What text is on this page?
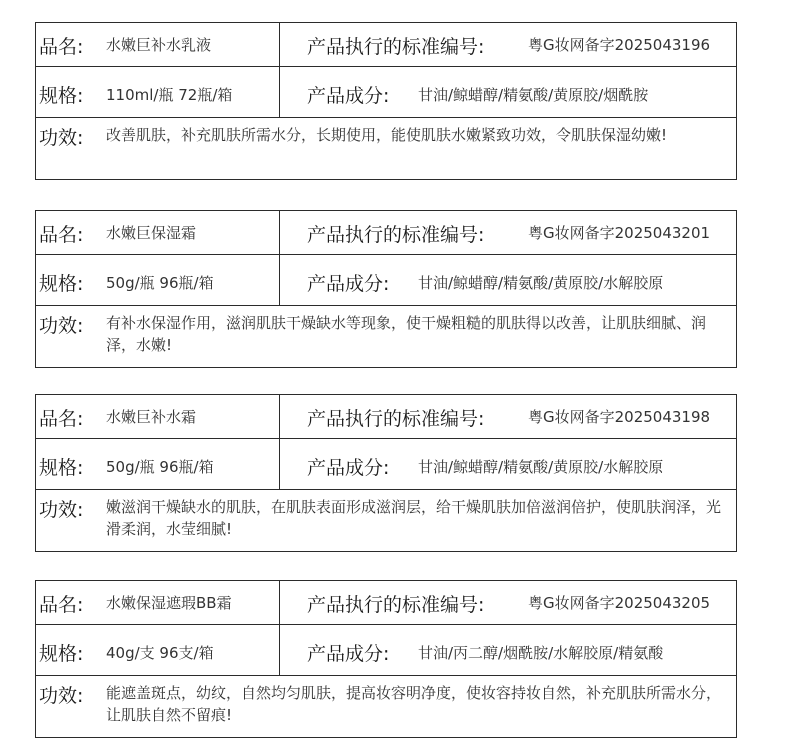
品名: 水嫩巨补水乳液	产品执行的标准编号:	粤G妆网备字2025043196
规格: 110ml/瓶 72瓶/箱	产品成分: 甘油/鲸蜡醇/精氨酸/黄原胶/烟酰胺
功效: 改善肌肤，补充肌肤所需水分，长期使用，能使肌肤水嫩紧致功效，令肌肤保湿幼嫩!
品名: 水嫩巨保湿霜	产品执行的标准编号:	粤G妆网备字2025043201
规格: 50g/瓶 96瓶/箱	产品成分: 甘油/鲸蜡醇/精氨酸/黄原胶/水解胶原
功效: 有补水保湿作用，滋润肌肤干燥缺水等现象，使干燥粗糙的肌肤得以改善，让肌肤细腻、润泽，水嫩!
品名: 水嫩巨补水霜	产品执行的标准编号:	粤G妆网备字2025043198
规格: 50g/瓶 96瓶/箱	产品成分: 甘油/鲸蜡醇/精氨酸/黄原胶/水解胶原
功效: 嫩滋润干燥缺水的肌肤，在肌肤表面形成滋润层，给干燥肌肤加倍滋润倍护，使肌肤润泽，光滑柔润，水莹细腻!
品名: 水嫩保湿遮瑕BB霜	产品执行的标准编号:	粤G妆网备字2025043205
规格: 40g/支 96支/箱	产品成分: 甘油/丙二醇/烟酰胺/水解胶原/精氨酸
功效: 能遮盖斑点，幼纹，自然均匀肌肤，提高妆容明净度，使妆容持妆自然，补充肌肤所需水分，让肌肤自然不留痕!
